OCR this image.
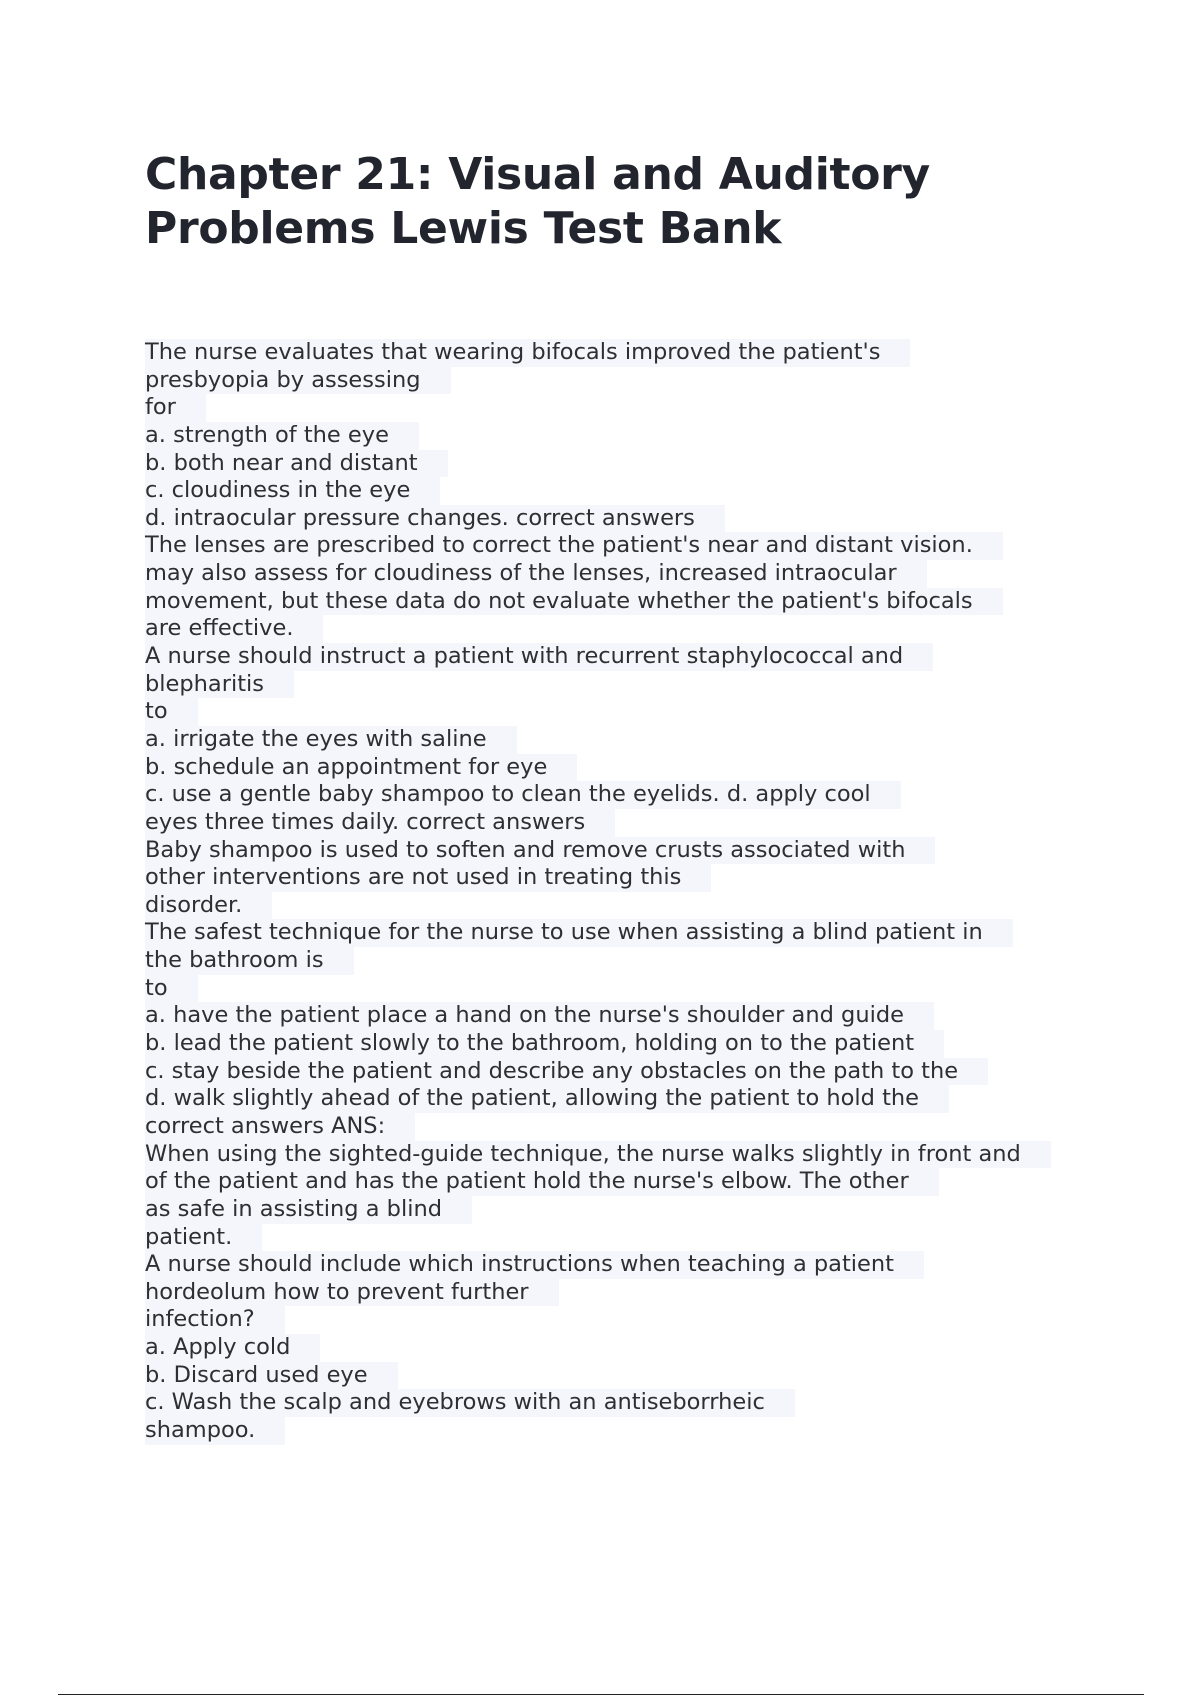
Chapter 21: Visual and Auditory
Problems Lewis Test Bank
The nurse evaluates that wearing bifocals improved the patient's
presbyopia by assessing
for
a. strength of the eye
b. both near and distant
c. cloudiness in the eye
d. intraocular pressure changes. correct answers
The lenses are prescribed to correct the patient's near and distant vision.
may also assess for cloudiness of the lenses, increased intraocular
movement, but these data do not evaluate whether the patient's bifocals
are effective.
A nurse should instruct a patient with recurrent staphylococcal and
blepharitis
to
a. irrigate the eyes with saline
b. schedule an appointment for eye
c. use a gentle baby shampoo to clean the eyelids. d. apply cool
eyes three times daily. correct answers
Baby shampoo is used to soften and remove crusts associated with
other interventions are not used in treating this
disorder.
The safest technique for the nurse to use when assisting a blind patient in
the bathroom is
to
a. have the patient place a hand on the nurse's shoulder and guide
b. lead the patient slowly to the bathroom, holding on to the patient
c. stay beside the patient and describe any obstacles on the path to the
d. walk slightly ahead of the patient, allowing the patient to hold the
correct answers ANS:
When using the sighted-guide technique, the nurse walks slightly in front and
of the patient and has the patient hold the nurse's elbow. The other
as safe in assisting a blind
patient.
A nurse should include which instructions when teaching a patient
hordeolum how to prevent further
infection?
a. Apply cold
b. Discard used eye
c. Wash the scalp and eyebrows with an antiseborrheic
shampoo.
